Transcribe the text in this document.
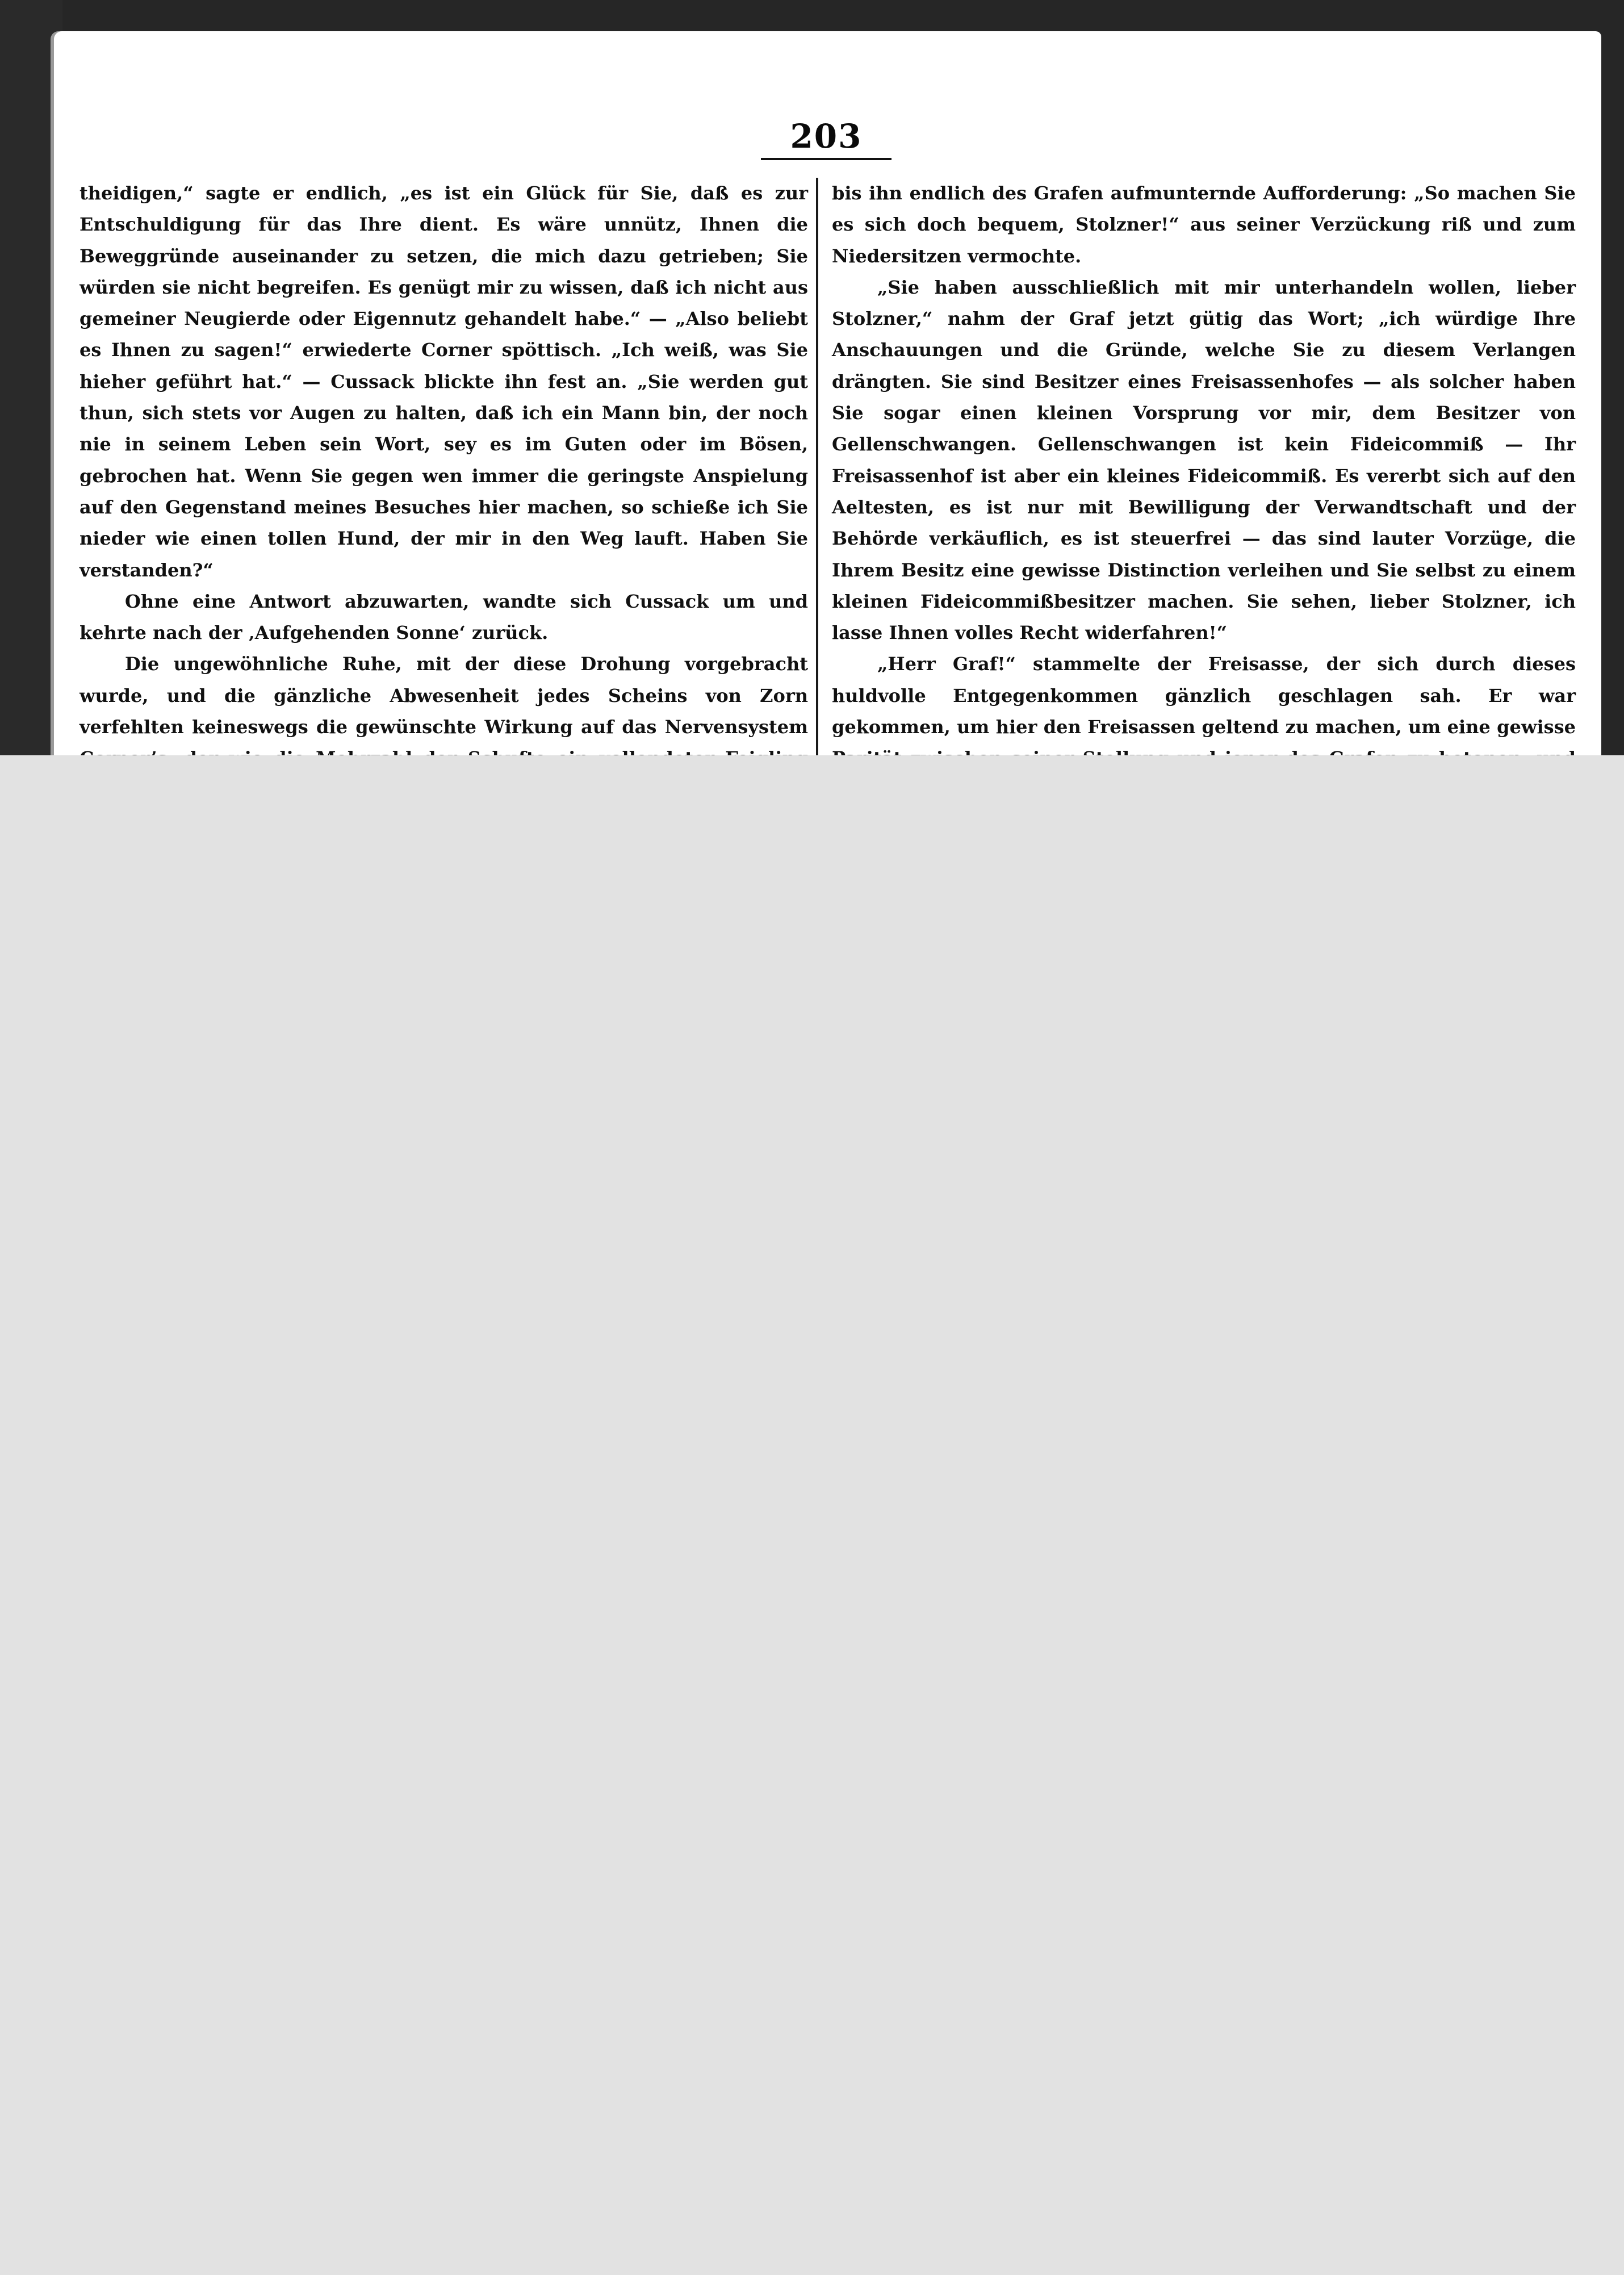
203

theidigen,“ sagte er endlich, „es ist ein Glück für Sie, daß es zur Entschuldigung für das Ihre dient. Es wäre unnütz, Ihnen die Beweggründe auseinander zu setzen, die mich dazu getrieben; Sie würden sie nicht begreifen. Es genügt mir zu wissen, daß ich nicht aus gemeiner Neugierde oder Eigennutz gehandelt habe.“ — „Also beliebt es Ihnen zu sagen!“ erwiederte Corner spöttisch. „Ich weiß, was Sie hieher geführt hat.“ — Cussack blickte ihn fest an. „Sie werden gut thun, sich stets vor Augen zu halten, daß ich ein Mann bin, der noch nie in seinem Leben sein Wort, sey es im Guten oder im Bösen, gebrochen hat. Wenn Sie gegen wen immer die geringste Anspielung auf den Gegenstand meines Besuches hier machen, so schieße ich Sie nieder wie einen tollen Hund, der mir in den Weg lauft. Haben Sie verstanden?“

Ohne eine Antwort abzuwarten, wandte sich Cussack um und kehrte nach der ‚Aufgehenden Sonne‘ zurück.

Die ungewöhnliche Ruhe, mit der diese Drohung vorgebracht wurde, und die gänzliche Abwesenheit jedes Scheins von Zorn verfehlten keineswegs die gewünschte Wirkung auf das Nervensystem

bis ihn endlich des Grafen aufmunternde Aufforderung: „So machen Sie es sich doch bequem, Stolzner!“ aus seiner Verzückung riß und zum Niedersitzen vermochte.

„Sie haben ausschließlich mit mir unterhandeln wollen, lieber Stolzner,“ nahm der Graf jetzt gütig das Wort; „ich würdige Ihre Anschauungen und die Gründe, welche Sie zu diesem Verlangen drängten. Sie sind Besitzer eines Freisassenhofes — als solcher haben Sie sogar einen kleinen Vorsprung vor mir, dem Besitzer von Gellenschwangen. Gellenschwangen ist kein Fideicommiß — Ihr Freisassenhof ist aber ein kleines Fideicommiß. Es vererbt sich auf den Aeltesten, es ist nur mit Bewilligung der Verwandtschaft und der Behörde verkäuflich, es ist steuerfrei — das sind lauter Vorzüge, die Ihrem Besitz eine gewisse Distinction verleihen und Sie selbst zu einem kleinen Fideicommißbesitzer machen. Sie sehen, lieber Stolzner, ich lasse Ihnen volles Recht widerfahren!“

„Herr Graf!“ stammelte der Freisasse, der sich durch dieses huldvolle Entgegenkommen gänzlich geschlagen sah. Er war gekommen, um hier den Freisassen geltend zu machen, um eine gewisse
